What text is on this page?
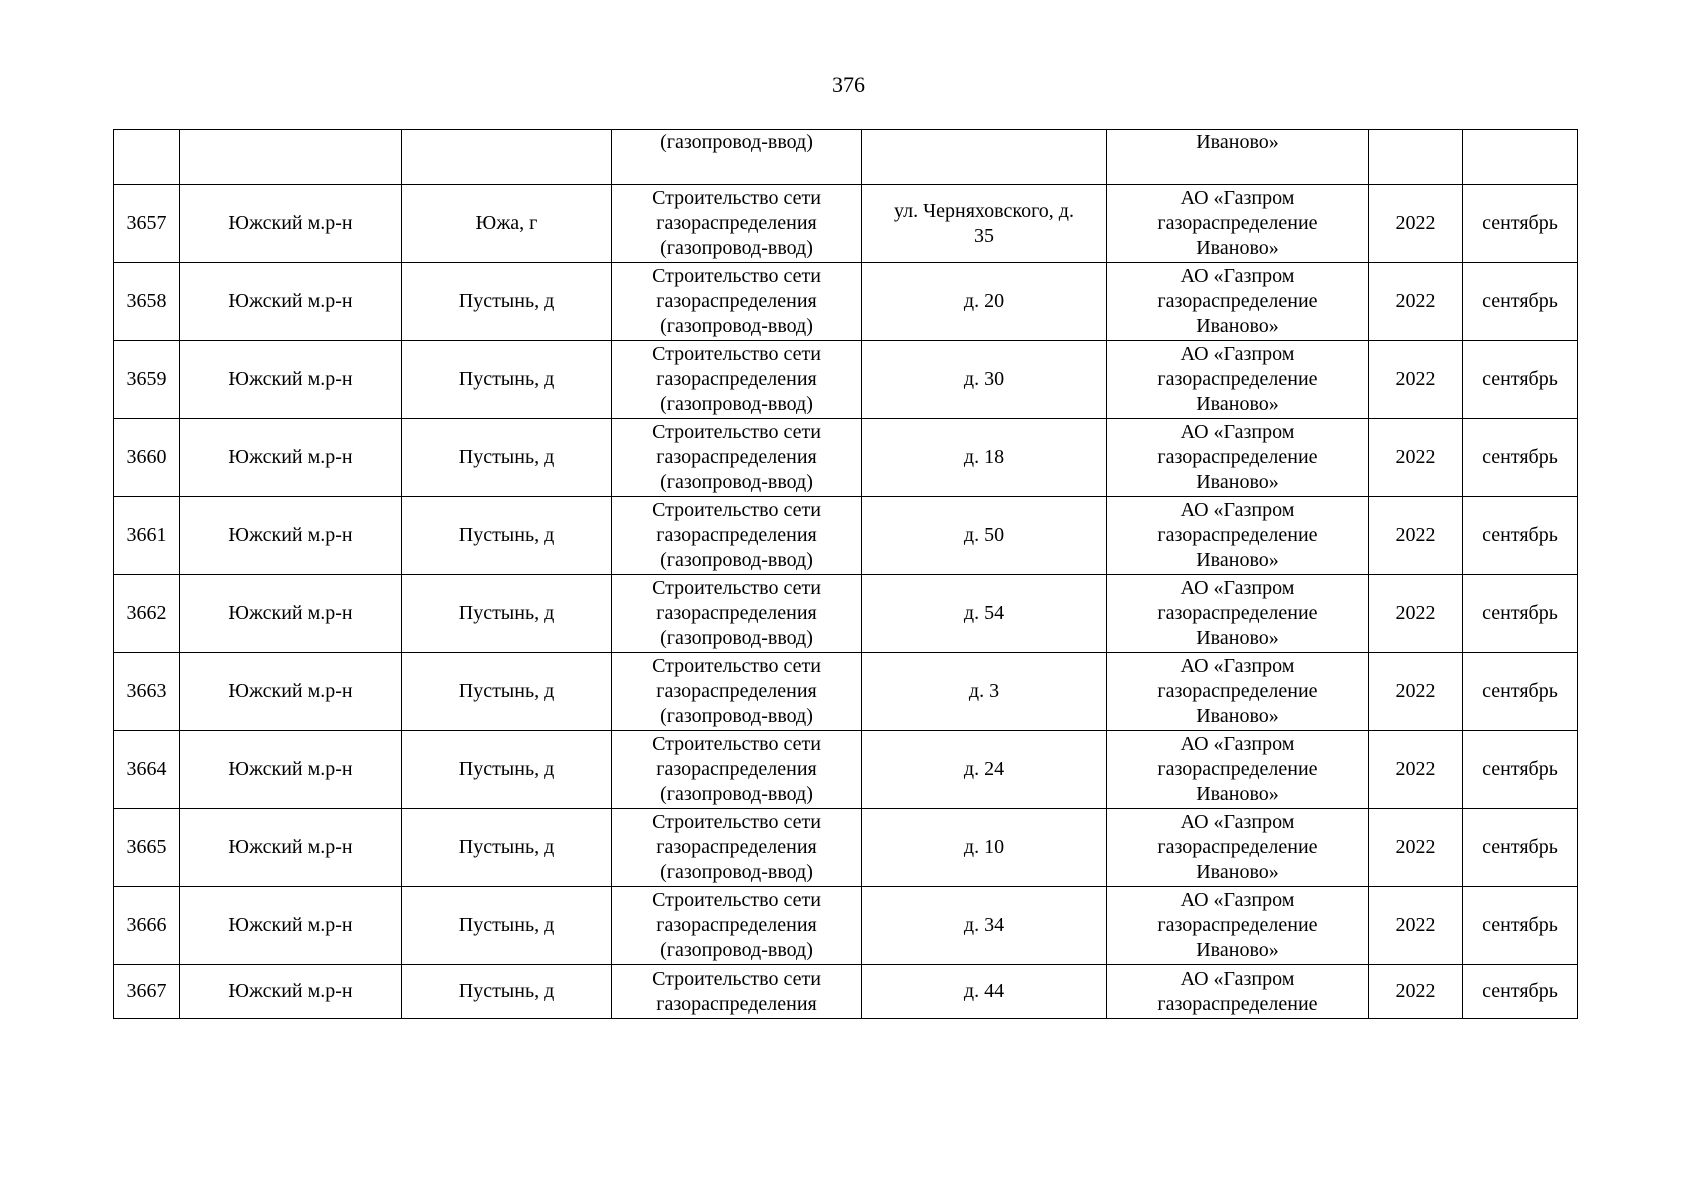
376
			(газопровод-ввод)		Иваново»		
3657	Южский м.р-н	Южа, г	Строительство сети
газораспределения
(газопровод-ввод)	ул. Черняховского, д.
35	АО «Газпром
газораспределение
Иваново»	2022	сентябрь
3658	Южский м.р-н	Пустынь, д	Строительство сети
газораспределения
(газопровод-ввод)	д. 20	АО «Газпром
газораспределение
Иваново»	2022	сентябрь
3659	Южский м.р-н	Пустынь, д	Строительство сети
газораспределения
(газопровод-ввод)	д. 30	АО «Газпром
газораспределение
Иваново»	2022	сентябрь
3660	Южский м.р-н	Пустынь, д	Строительство сети
газораспределения
(газопровод-ввод)	д. 18	АО «Газпром
газораспределение
Иваново»	2022	сентябрь
3661	Южский м.р-н	Пустынь, д	Строительство сети
газораспределения
(газопровод-ввод)	д. 50	АО «Газпром
газораспределение
Иваново»	2022	сентябрь
3662	Южский м.р-н	Пустынь, д	Строительство сети
газораспределения
(газопровод-ввод)	д. 54	АО «Газпром
газораспределение
Иваново»	2022	сентябрь
3663	Южский м.р-н	Пустынь, д	Строительство сети
газораспределения
(газопровод-ввод)	д. 3	АО «Газпром
газораспределение
Иваново»	2022	сентябрь
3664	Южский м.р-н	Пустынь, д	Строительство сети
газораспределения
(газопровод-ввод)	д. 24	АО «Газпром
газораспределение
Иваново»	2022	сентябрь
3665	Южский м.р-н	Пустынь, д	Строительство сети
газораспределения
(газопровод-ввод)	д. 10	АО «Газпром
газораспределение
Иваново»	2022	сентябрь
3666	Южский м.р-н	Пустынь, д	Строительство сети
газораспределения
(газопровод-ввод)	д. 34	АО «Газпром
газораспределение
Иваново»	2022	сентябрь
3667	Южский м.р-н	Пустынь, д	Строительство сети
газораспределения	д. 44	АО «Газпром
газораспределение	2022	сентябрь
